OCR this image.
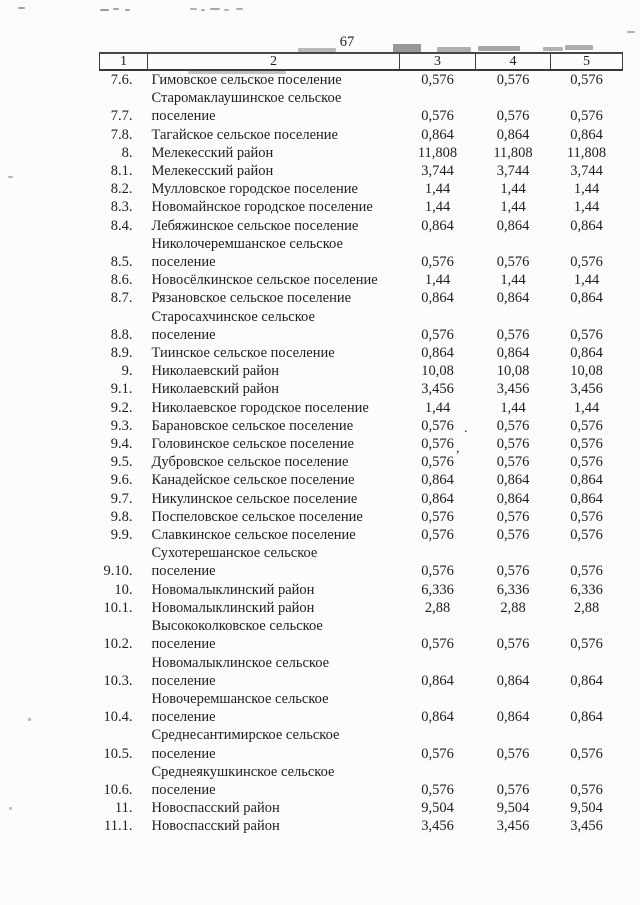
67
1	2	3	4	5
7.6.	Гимовское сельское поселение	0,576	0,576	0,576
7.7.	Старомаклаушинское сельское
поселение	0,576	0,576	0,576
7.8.	Тагайское сельское поселение	0,864	0,864	0,864
8.	Мелекесский район	11,808	11,808	11,808
8.1.	Мелекесский район	3,744	3,744	3,744
8.2.	Мулловское городское поселение	1,44	1,44	1,44
8.3.	Новомайнское городское поселение	1,44	1,44	1,44
8.4.	Лебяжинское сельское поселение	0,864	0,864	0,864
8.5.	Николочеремшанское сельское
поселение	0,576	0,576	0,576
8.6.	Новосёлкинское сельское поселение	1,44	1,44	1,44
8.7.	Рязановское сельское поселение	0,864	0,864	0,864
8.8.	Старосахчинское сельское
поселение	0,576	0,576	0,576
8.9.	Тиинское сельское поселение	0,864	0,864	0,864
9.	Николаевский район	10,08	10,08	10,08
9.1.	Николаевский район	3,456	3,456	3,456
9.2.	Николаевское городское поселение	1,44	1,44	1,44
9.3.	Барановское сельское поселение	0,576	0,576	0,576
9.4.	Головинское сельское поселение	0,576	0,576	0,576
9.5.	Дубровское сельское поселение	0,576	0,576	0,576
9.6.	Канадейское сельское поселение	0,864	0,864	0,864
9.7.	Никулинское сельское поселение	0,864	0,864	0,864
9.8.	Поспеловское сельское поселение	0,576	0,576	0,576
9.9.	Славкинское сельское поселение	0,576	0,576	0,576
9.10.	Сухотерешанское сельское
поселение	0,576	0,576	0,576
10.	Новомалыклинский район	6,336	6,336	6,336
10.1.	Новомалыклинский район	2,88	2,88	2,88
10.2.	Высококолковское сельское
поселение	0,576	0,576	0,576
10.3.	Новомалыклинское сельское
поселение	0,864	0,864	0,864
10.4.	Новочеремшанское сельское
поселение	0,864	0,864	0,864
10.5.	Среднесантимирское сельское
поселение	0,576	0,576	0,576
10.6.	Среднеякушкинское сельское
поселение	0,576	0,576	0,576
11.	Новоспасский район	9,504	9,504	9,504
11.1.	Новоспасский район	3,456	3,456	3,456
.
,
